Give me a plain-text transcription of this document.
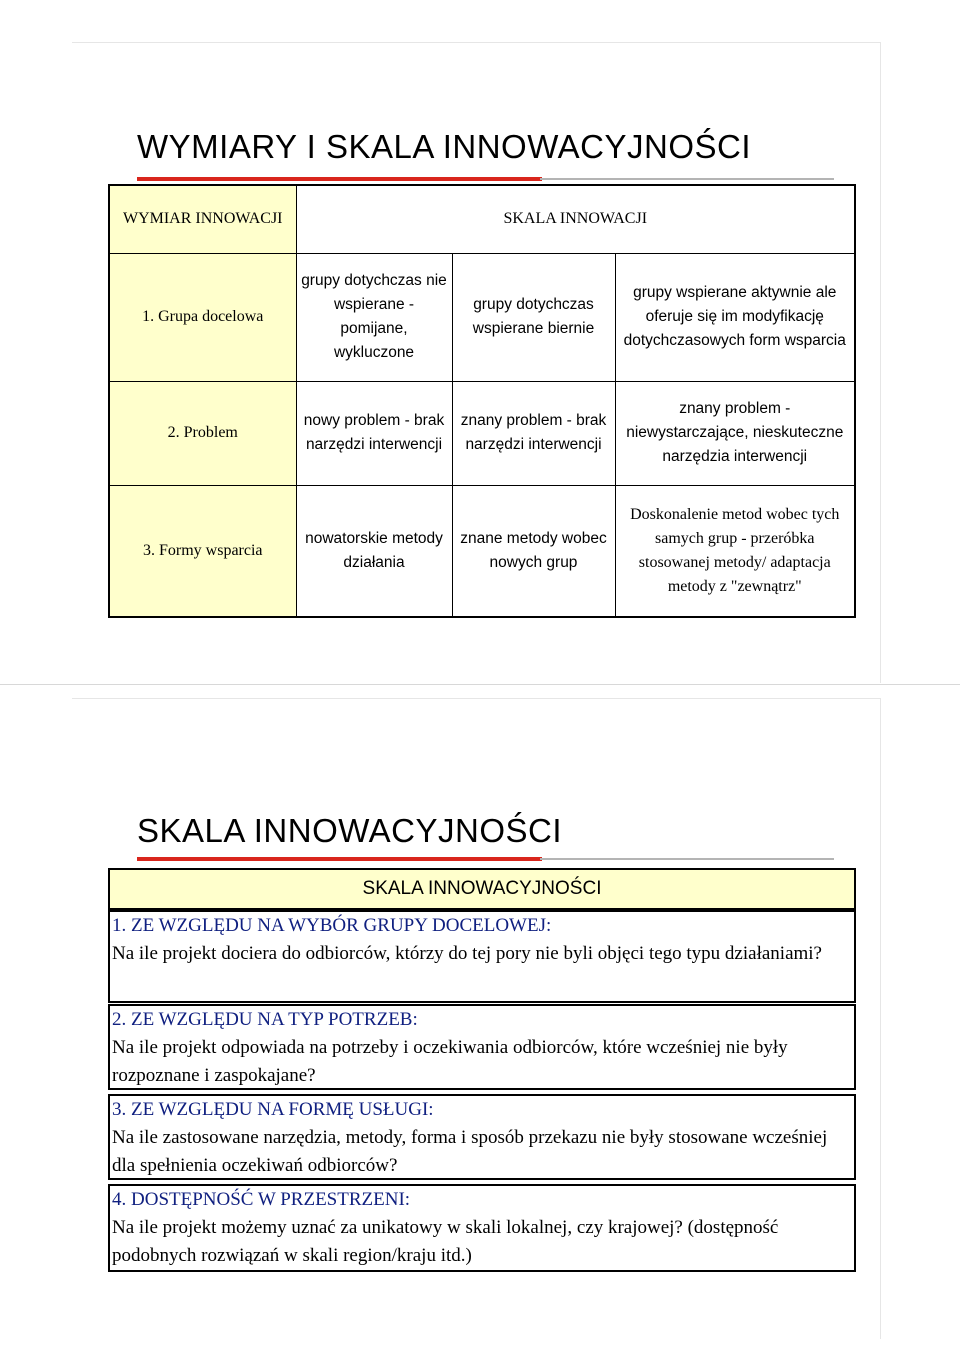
WYMIARY I SKALA INNOWACYJNOŚCI
WYMIAR INNOWACJI	SKALA INNOWACJI		
1. Grupa docelowa	grupy dotychczas nie wspierane - pomijane, wykluczone	grupy dotychczas wspierane biernie	grupy wspierane aktywnie ale oferuje się im modyfikację dotychczasowych form wsparcia
2. Problem	nowy problem - brak narzędzi interwencji	znany problem - brak narzędzi interwencji	znany problem - niewystarczające, nieskuteczne narzędzia interwencji
3. Formy wsparcia	nowatorskie metody działania	znane metody wobec nowych grup	Doskonalenie metod wobec tych samych grup - przeróbka stosowanej metody/ adaptacja metody z "zewnątrz"
SKALA INNOWACYJNOŚCI
SKALA INNOWACYJNOŚCI
1. ZE WZGLĘDU NA WYBÓR GRUPY DOCELOWEJ:
Na ile projekt dociera do odbiorców, którzy do tej pory nie byli objęci tego typu działaniami?
2. ZE WZGLĘDU NA TYP POTRZEB:
Na ile projekt odpowiada na potrzeby i oczekiwania odbiorców, które wcześniej nie były rozpoznane i zaspokajane?
3. ZE WZGLĘDU NA FORMĘ USŁUGI:
Na ile zastosowane narzędzia, metody, forma i sposób przekazu nie były stosowane wcześniej dla spełnienia oczekiwań odbiorców?
4. DOSTĘPNOŚĆ W PRZESTRZENI:
Na ile projekt możemy uznać za unikatowy w skali lokalnej, czy krajowej? (dostępność podobnych rozwiązań w skali region/kraju itd.)
